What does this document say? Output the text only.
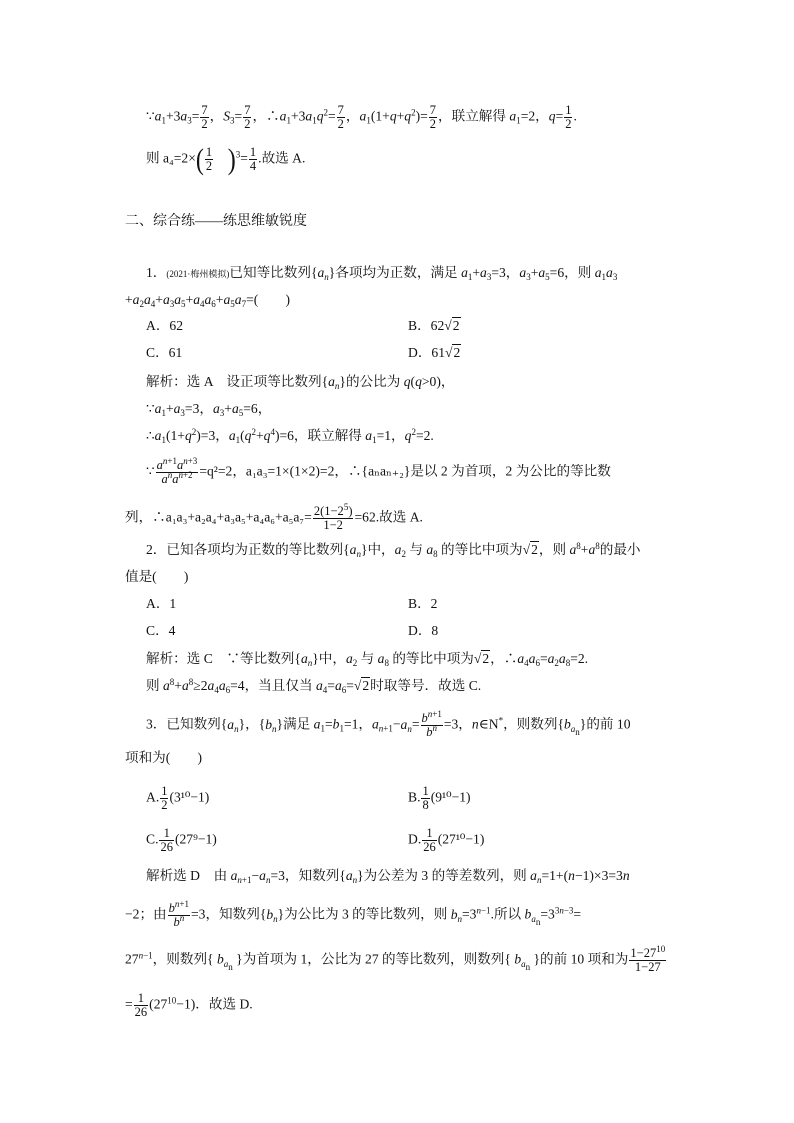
$\because a_1+3a_3= \frac{7}{2}$ ，$S_3= \frac{7}{2}$ ，$\therefore a_1+3a_1q^2= \frac{7}{2}$ ，$a_1(1+q+q^2)= \frac{7}{2}$ ，联立解得 $a_1=2$，$q= \frac{1}{2}$ .
则 $a_4=2\times( \frac{1}{2} )^3= \frac{1}{4}$ .故选 A.
二、综合练——练思维敏锐度
1．(2021·梅州模拟)已知等比数列$\{a_n\}$各项均为正数，满足 $a_1+a_3=3$，$a_3+a_5=6$，则 $a_1a_3$
$+a_2a_4+a_3a_5+a_4a_6+a_5a_7=$(　　)
A．62	B．62√2
C．61	D．61√2
解析：选 A　设正项等比数列$\{a_n\}$的公比为 q(q>0)，
$\because a_1+a_3=3$，$a_3+a_5=6$，
$\therefore a_1(1+q^2)=3$，$a_1(q^2+q^4)=6$，联立解得 $a_1=1$，$q^2=2$.
∵ $\frac{a^{n+1}a^{n+3}}{a^na^{n+2}} =q^2=2$，a₁a₃=1×(1×2)=2，∴{aₙaₙ₊₂}是以 2 为首项，2 为公比的等比数
列，∴a₁a₃+a₂a₄+a₃a₅+a₄a₆+a₅a₇= $\frac{2(1-2^5)}{1-2} =62$.故选 A.
2．已知各项均为正数的等比数列$\{a_n\}$中，$a_2$ 与 $a_8$ 的等比中项为√2，则 $a^8+a^8$的最小
值是(　　)
A．1	B．2
C．4	D．8
解析：选 C　∵等比数列$\{a_n\}$中，$a_2$ 与 $a_8$ 的等比中项为√2，$\therefore a_4a_6=a_2a_8=2$.
则 $a^8+a^8\ge 2a_4a_6=4$，当且仅当 $a_4=a_6=√2$时取等号．故选 C.
3．已知数列$\{a_n\}$，$\{b_n\}$满足 $a_1=b_1=1$，$a_{n+1}-a_n= \frac{b^{n+1}}{b^n} =3$，n∈N*，则数列$\{b_{a_n}\}$的前 10
项和为(　　)
A. $\frac{1}{2} (3^{10}-1)$	B. $\frac{1}{8} (9^{10}-1)$
C. $\frac{1}{26} (27^9-1)$	D. $\frac{1}{26} (27^{10}-1)$
解析选 D　由 $a_{n+1}-a_n=3$，知数列$\{a_n\}$为公差为 3 的等差数列，则 $a_n=1+(n-1)\times 3=3n$
−2；由 $\frac{b^{n+1}}{b^n} =3$，知数列$\{b_n\}$为公比为 3 的等比数列，则 $b_n=3^{n-1}$.所以 $b_{a_n}=3^{3n-3}=$
$27^{n-1}$，则数列{ $b_{a_n}$ }为首项为 1，公比为 27 的等比数列，则数列{ $b_{a_n}$ }的前 10 项和为 $\frac{1-27^{10}}{1-27}$
= $\frac{1}{26} (27^{10}-1)$．故选 D.
